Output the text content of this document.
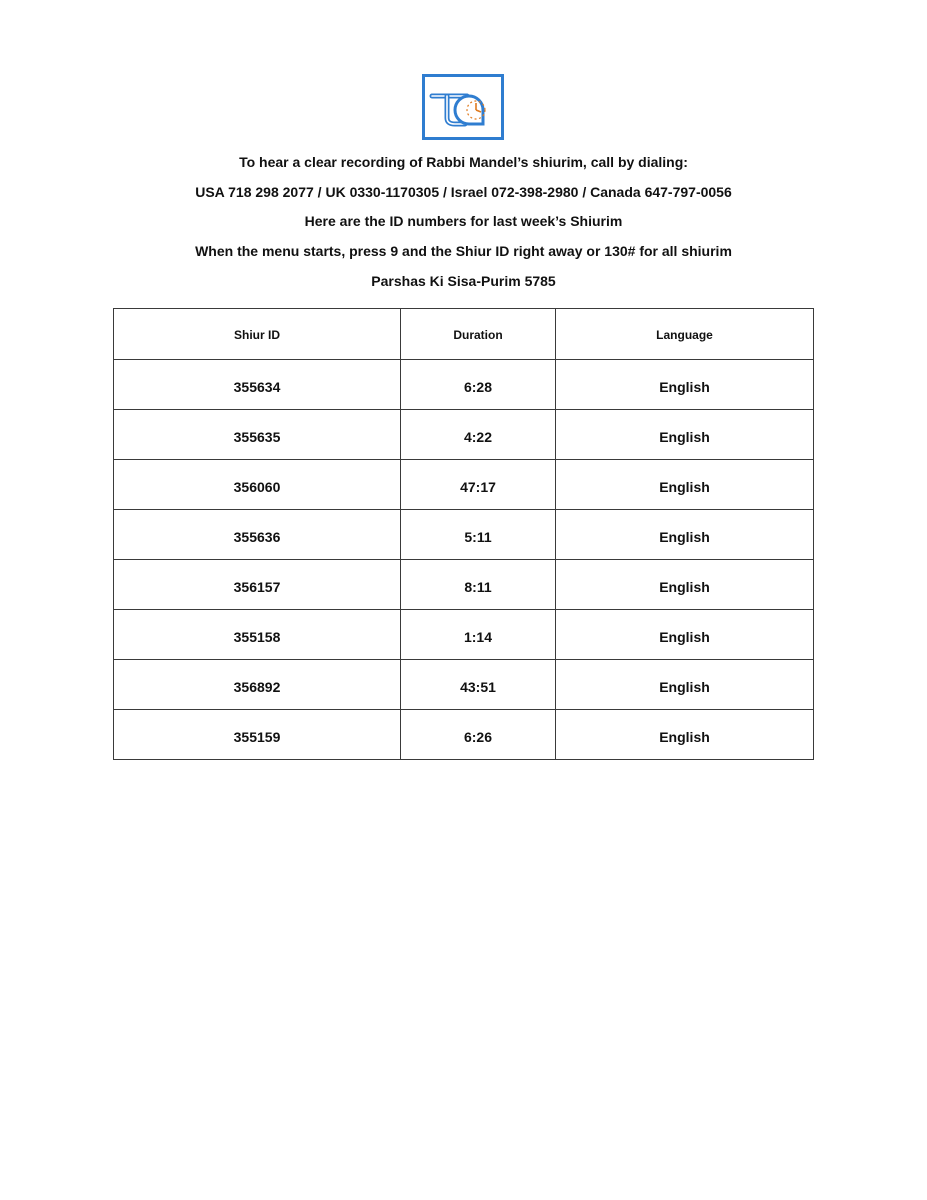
To hear a clear recording of Rabbi Mandel’s shiurim, call by dialing:
USA 718 298 2077 / UK 0330-1170305 / Israel 072-398-2980 / Canada 647-797-0056
Here are the ID numbers for last week’s Shiurim
When the menu starts, press 9 and the Shiur ID right away or 130# for all shiurim
Parshas Ki Sisa-Purim 5785
Shiur ID	Duration	Language
355634	6:28	English
355635	4:22	English
356060	47:17	English
355636	5:11	English
356157	8:11	English
355158	1:14	English
356892	43:51	English
355159	6:26	English
